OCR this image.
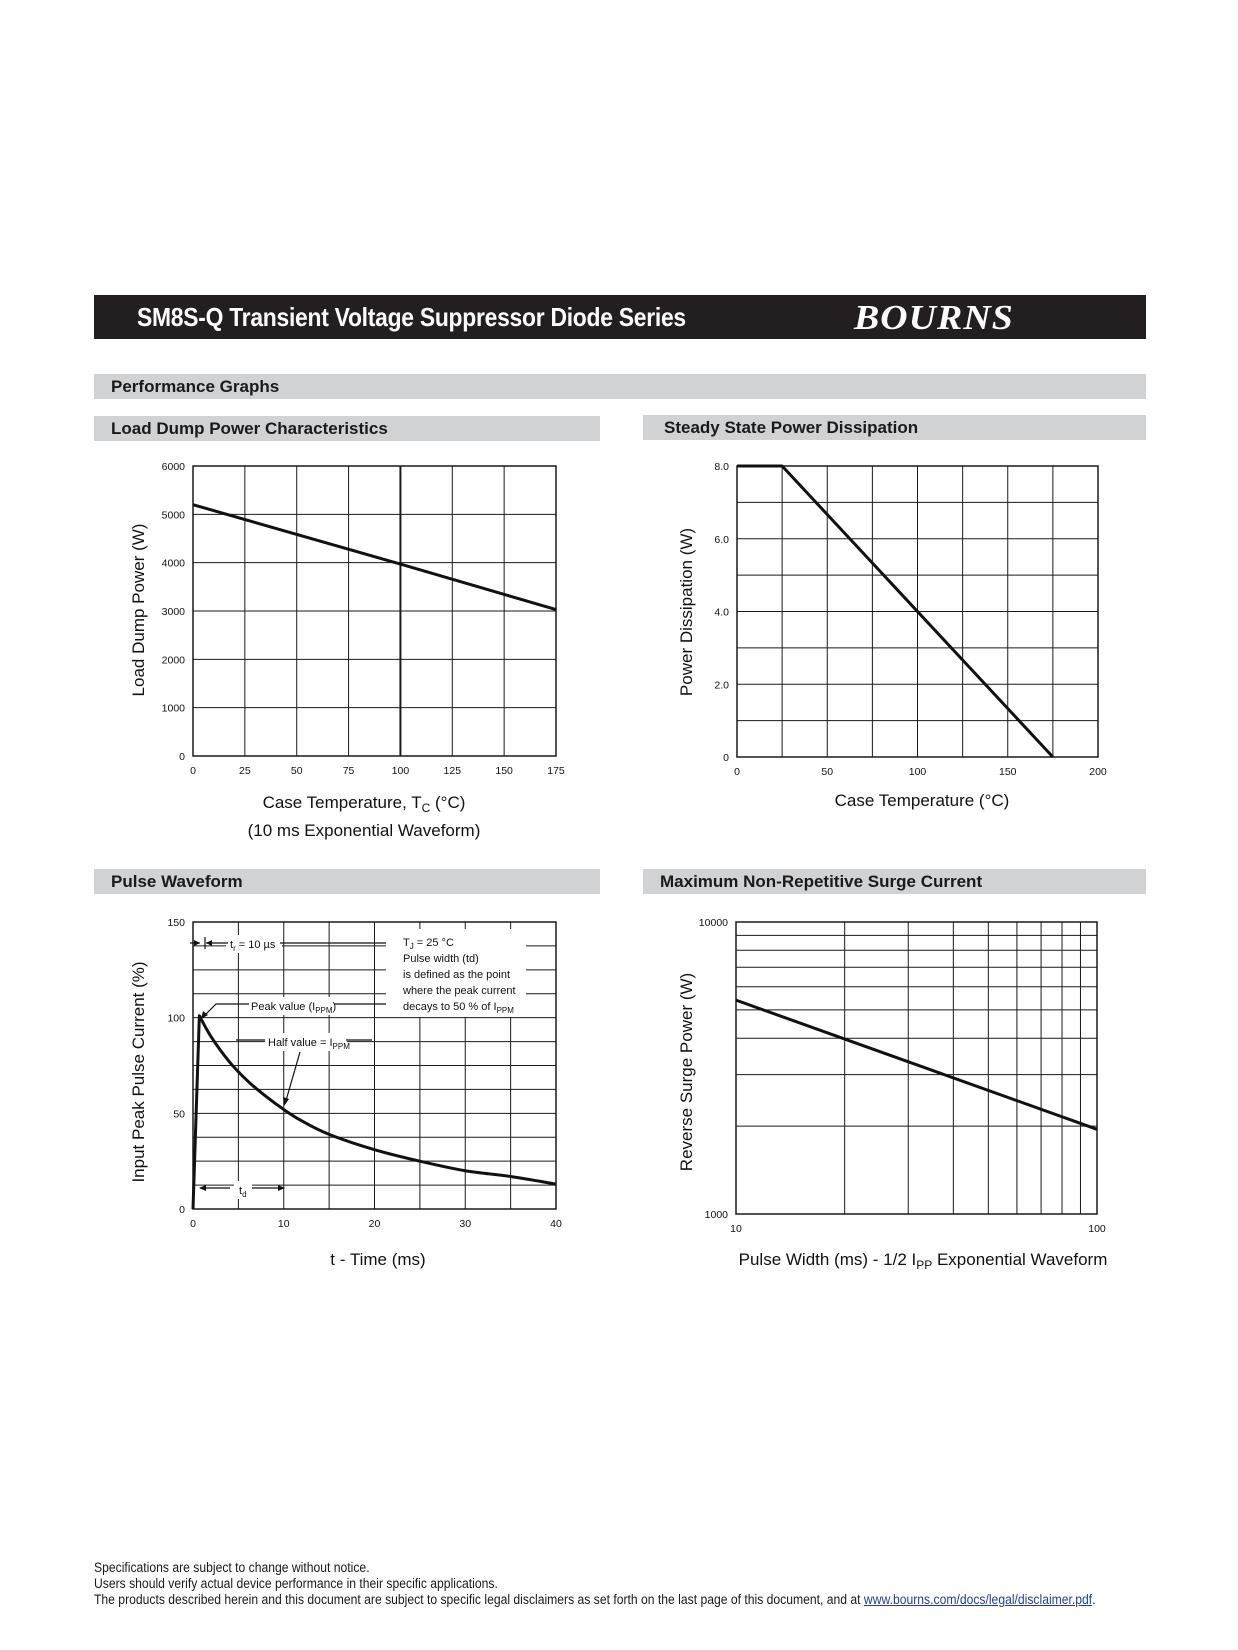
SM8S-Q Transient Voltage Suppressor Diode Series	BOURNS	®
Performance Graphs
Load Dump Power Characteristics	Steady State Power Dissipation
Pulse Waveform	Maximum Non-Repetitive Surge Current
0	25	50	75	100	125	150	175
0
1000
2000
3000
4000
5000
6000
Load Dump Power (W)
Case Temperature, $T_C$ (°C)
(10 ms Exponential Waveform)
0	50	100	150	200
0
2.0
4.0
6.0
8.0
Power Dissipation (W)
Case Temperature (°C)
0	10	20	30	40
0
50
100
150
$t_r = 10$ µs
Peak value $(I_{PPM})$
Half value = $I_{PPM}$
$t_d$
$T_J = 25$ °C
Pulse width (td)
is defined as the point
where the peak current
decays to 50 % of $I_{PPM}$
Input Peak Pulse Current (%)
t - Time (ms)
10	100
1000
10000
Reverse Surge Power (W)
Pulse Width (ms) - 1/2 $I_{PP}$ Exponential Waveform
Specifications are subject to change without notice.
Users should verify actual device performance in their specific applications.
The products described herein and this document are subject to specific legal disclaimers as set forth on the last page of this document, and at www.bourns.com/docs/legal/disclaimer.pdf.
